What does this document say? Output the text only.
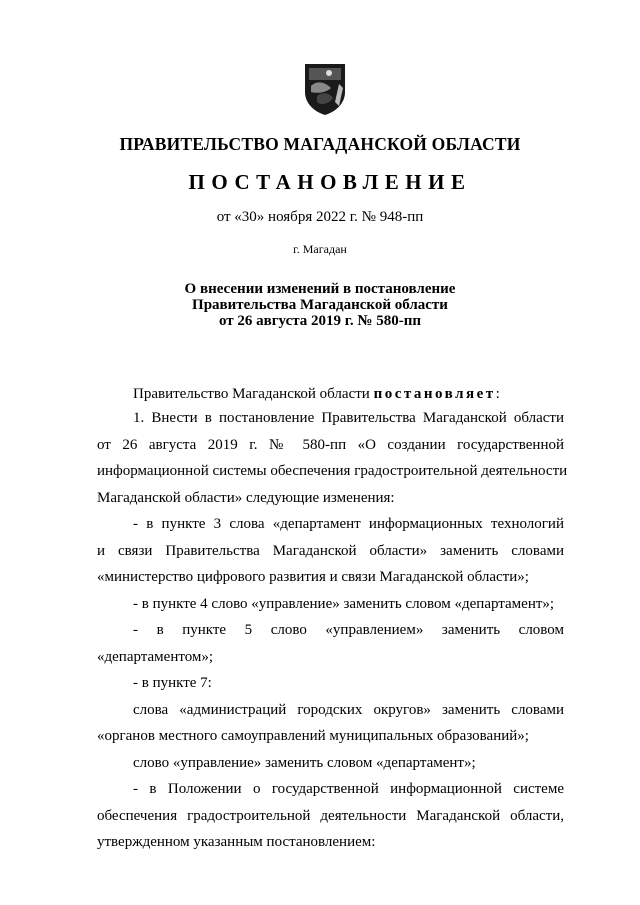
ПРАВИТЕЛЬСТВО МАГАДАНСКОЙ ОБЛАСТИ
ПОСТАНОВЛЕНИЕ
от «30» ноября 2022 г. № 948-пп
г. Магадан
О внесении изменений в постановление
Правительства Магаданской области
от 26 августа 2019 г. № 580-пп
Правительство Магаданской области постановляет:
1. Внести в постановление Правительства Магаданской области
от 26 августа 2019 г. № 580-пп «О создании государственной
информационной системы обеспечения градостроительной деятельности
Магаданской области» следующие изменения:
- в пункте 3 слова «департамент информационных технологий
и связи Правительства Магаданской области» заменить словами
«министерство цифрового развития и связи Магаданской области»;
- в пункте 4 слово «управление» заменить словом «департамент»;
- в пункте 5 слово «управлением» заменить словом
«департаментом»;
- в пункте 7:
слова «администраций городских округов» заменить словами
«органов местного самоуправлений муниципальных образований»;
слово «управление» заменить словом «департамент»;
- в Положении о государственной информационной системе
обеспечения градостроительной деятельности Магаданской области,
утвержденном указанным постановлением:
